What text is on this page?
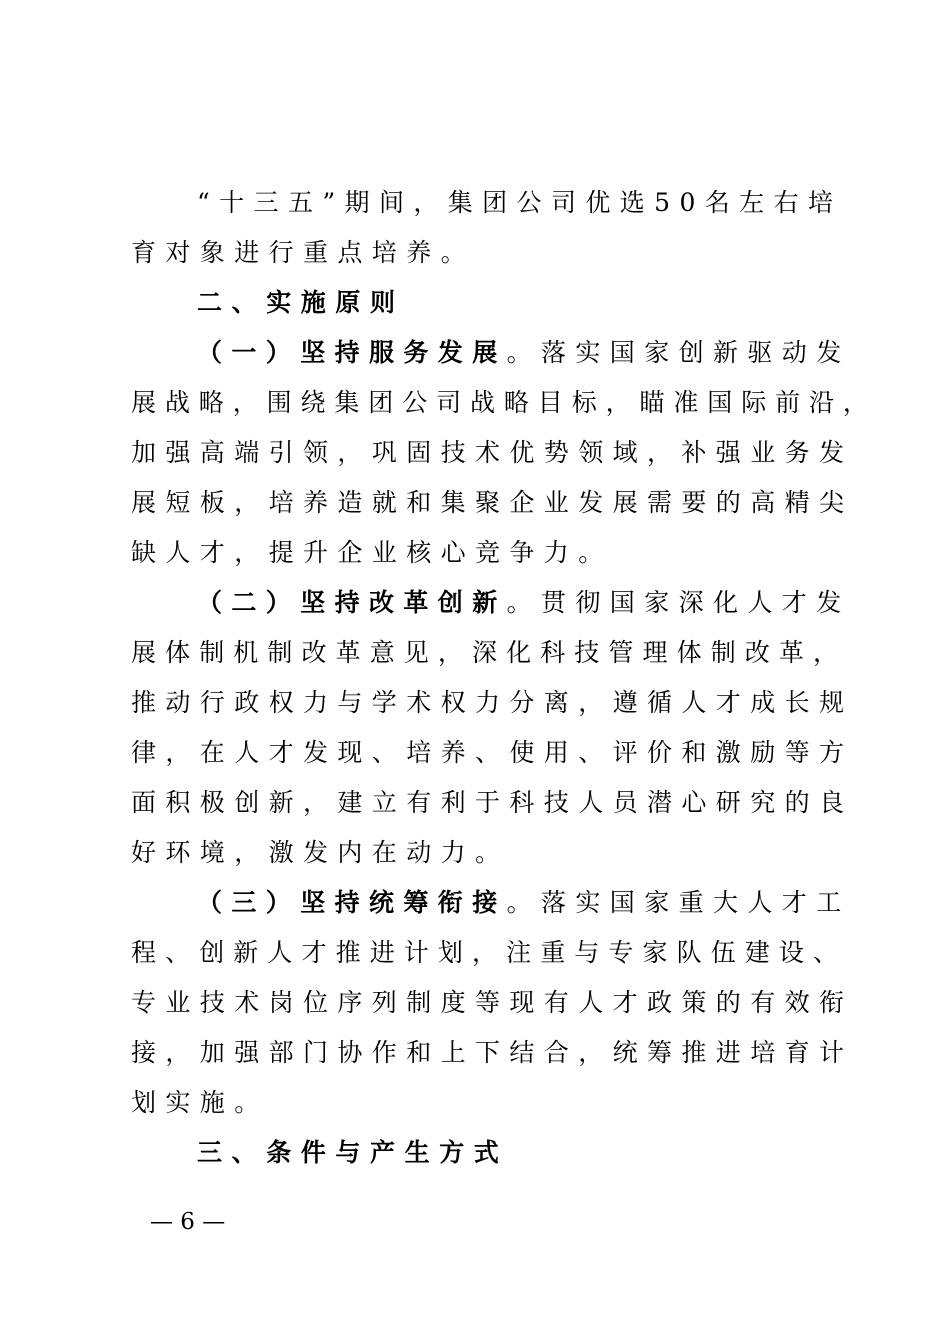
“十三五”期间，集团公司优选50名左右培
育对象进行重点培养。
二、实施原则
（一）坚持服务发展。落实国家创新驱动发
展战略，围绕集团公司战略目标，瞄准国际前沿，
加强高端引领，巩固技术优势领域，补强业务发
展短板，培养造就和集聚企业发展需要的高精尖
缺人才，提升企业核心竞争力。
（二）坚持改革创新。贯彻国家深化人才发
展体制机制改革意见，深化科技管理体制改革，
推动行政权力与学术权力分离，遵循人才成长规
律，在人才发现、培养、使用、评价和激励等方
面积极创新，建立有利于科技人员潜心研究的良
好环境，激发内在动力。
（三）坚持统筹衔接。落实国家重大人才工
程、创新人才推进计划，注重与专家队伍建设、
专业技术岗位序列制度等现有人才政策的有效衔
接，加强部门协作和上下结合，统筹推进培育计
划实施。
三、条件与产生方式
— 6 —
